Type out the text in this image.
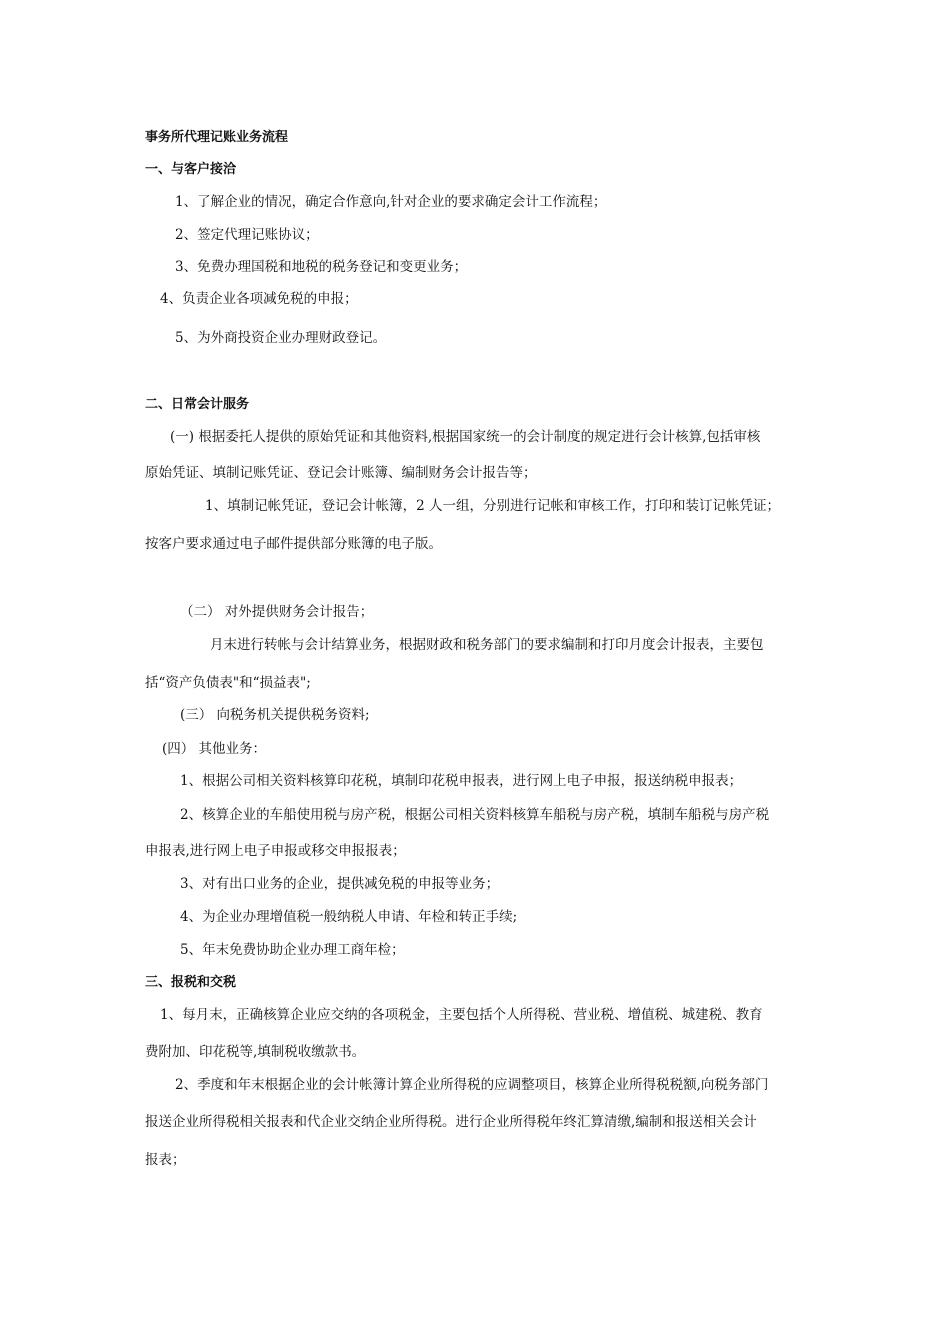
事务所代理记账业务流程
一、与客户接洽
1、了解企业的情况，确定合作意向,针对企业的要求确定会计工作流程；
2、签定代理记账协议；
3、免费办理国税和地税的税务登记和变更业务；
4、负责企业各项减免税的申报；
5、为外商投资企业办理财政登记。
二、日常会计服务
(一) 根据委托人提供的原始凭证和其他资料,根据国家统一的会计制度的规定进行会计核算,包括审核
原始凭证、填制记账凭证、登记会计账簿、编制财务会计报告等；
1、填制记帐凭证，登记会计帐簿，2 人一组，分别进行记帐和审核工作，打印和装订记帐凭证；
按客户要求通过电子邮件提供部分账簿的电子版。
（二） 对外提供财务会计报告；
月末进行转帐与会计结算业务，根据财政和税务部门的要求编制和打印月度会计报表，主要包
括“资产负债表"和“损益表";
(三） 向税务机关提供税务资料;
(四） 其他业务：
1、根据公司相关资料核算印花税，填制印花税申报表，进行网上电子申报，报送纳税申报表；
2、核算企业的车船使用税与房产税，根据公司相关资料核算车船税与房产税，填制车船税与房产税
申报表,进行网上电子申报或移交申报报表；
3、对有出口业务的企业，提供减免税的申报等业务；
4、为企业办理增值税一般纳税人申请、年检和转正手续;
5、年末免费协助企业办理工商年检；
三、报税和交税
1、每月末，正确核算企业应交纳的各项税金，主要包括个人所得税、营业税、增值税、城建税、教育
费附加、印花税等,填制税收缴款书。
2、季度和年末根据企业的会计帐簿计算企业所得税的应调整项目，核算企业所得税税额,向税务部门
报送企业所得税相关报表和代企业交纳企业所得税。进行企业所得税年终汇算清缴,编制和报送相关会计
报表；
